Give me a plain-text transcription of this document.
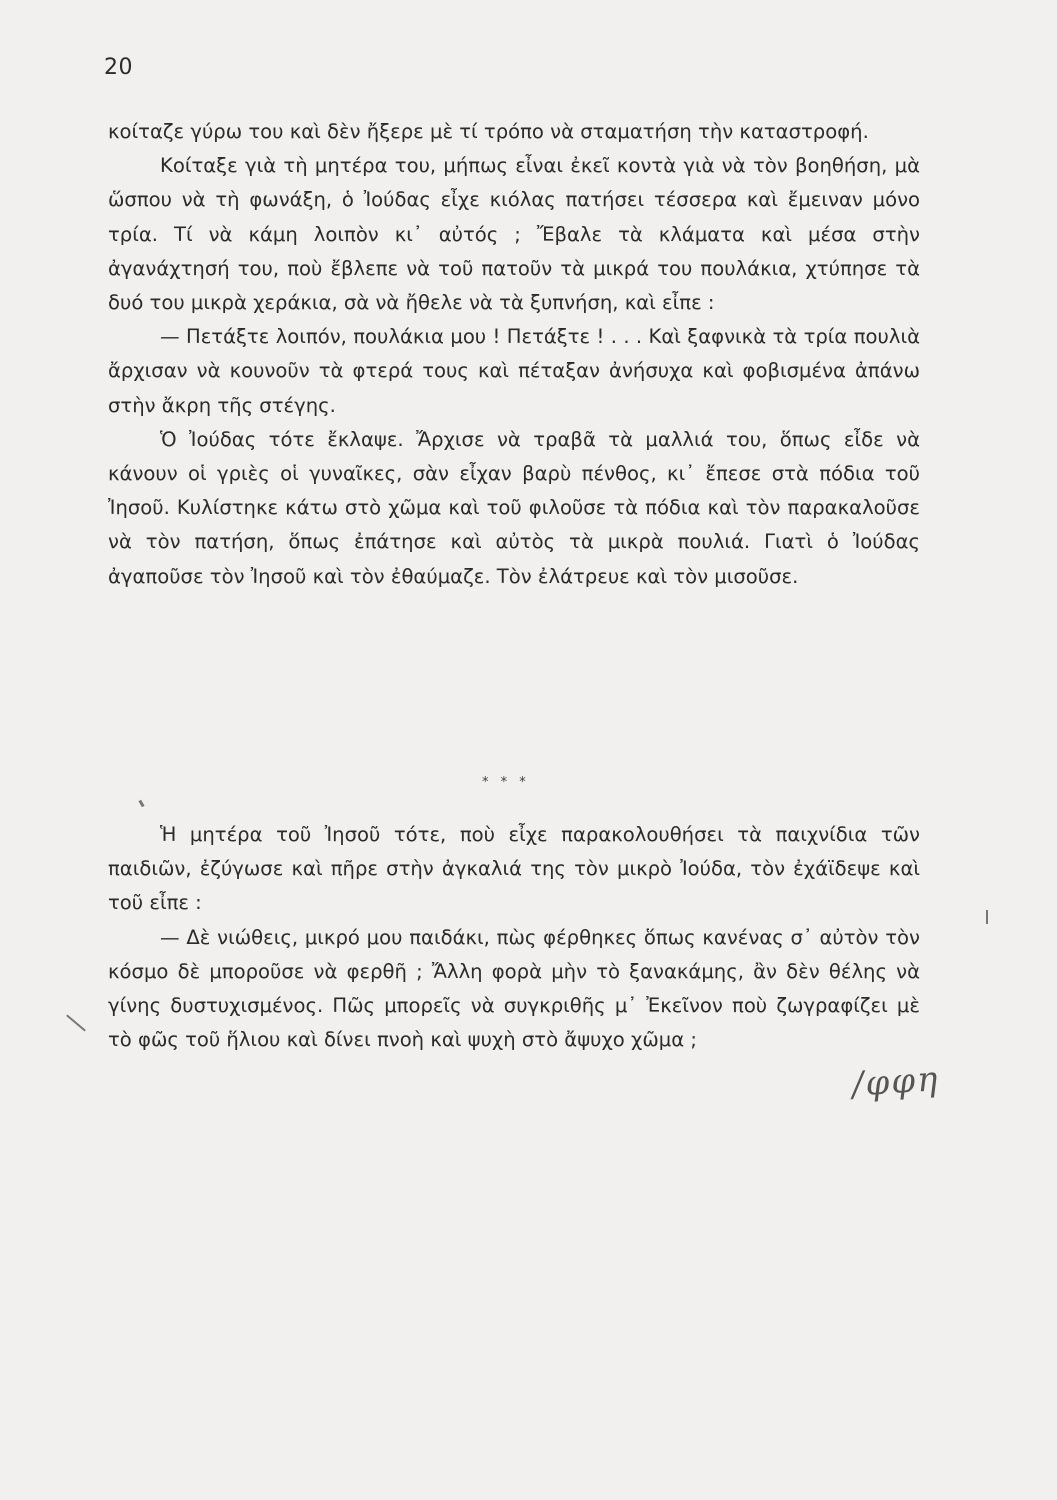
20

κοίταζε γύρω του καὶ δὲν ἤξερε μὲ τί τρόπο νὰ σταματήση τὴν καταστροφή.

Κοίταξε γιὰ τὴ μητέρα του, μήπως εἶναι ἐκεῖ κοντὰ γιὰ νὰ τὸν βοηθήση, μὰ ὥσπου νὰ τὴ φωνάξη, ὁ Ἰούδας εἶχε κιόλας πατήσει τέσσερα καὶ ἔμειναν μόνο τρία. Τί νὰ κάμη λοιπὸν κι᾽ αὐτός ; Ἔβαλε τὰ κλάματα καὶ μέσα στὴν ἀγανάχτησή του, ποὺ ἔβλεπε νὰ τοῦ πατοῦν τὰ μικρά του πουλάκια, χτύπησε τὰ δυό του μικρὰ χεράκια, σὰ νὰ ἤθελε νὰ τὰ ξυπνήση, καὶ εἶπε :

— Πετάξτε λοιπόν, πουλάκια μου ! Πετάξτε ! . . . Καὶ ξαφνικὰ τὰ τρία πουλιὰ ἄρχισαν νὰ κουνοῦν τὰ φτερά τους καὶ πέταξαν ἀνήσυχα καὶ φοβισμένα ἀπάνω στὴν ἄκρη τῆς στέγης.

Ὁ Ἰούδας τότε ἔκλαψε. Ἄρχισε νὰ τραβᾶ τὰ μαλλιά του, ὅπως εἶδε νὰ κάνουν οἱ γριὲς οἱ γυναῖκες, σὰν εἶχαν βαρὺ πένθος, κι᾽ ἔπεσε στὰ πόδια τοῦ Ἰησοῦ. Κυλίστηκε κάτω στὸ χῶμα καὶ τοῦ φιλοῦσε τὰ πόδια καὶ τὸν παρακαλοῦσε νὰ τὸν πατήση, ὅπως ἐπάτησε καὶ αὐτὸς τὰ μικρὰ πουλιά. Γιατὶ ὁ Ἰούδας ἀγαποῦσε τὸν Ἰησοῦ καὶ τὸν ἐθαύμαζε. Τὸν ἐλάτρευε καὶ τὸν μισοῦσε.

* * *

Ἡ μητέρα τοῦ Ἰησοῦ τότε, ποὺ εἶχε παρακολουθήσει τὰ παιχνίδια τῶν παιδιῶν, ἐζύγωσε καὶ πῆρε στὴν ἀγκαλιά της τὸν μικρὸ Ἰούδα, τὸν ἐχάϊδεψε καὶ τοῦ εἶπε :

— Δὲ νιώθεις, μικρό μου παιδάκι, πὼς φέρθηκες ὅπως κανένας σ᾽ αὐτὸν τὸν κόσμο δὲ μποροῦσε νὰ φερθῆ ; Ἄλλη φορὰ μὴν τὸ ξανακάμης, ἂν δὲν θέλης νὰ γίνης δυστυχισμένος. Πῶς μπορεῖς νὰ συγκριθῆς μ᾽ Ἐκεῖνον ποὺ ζωγραφίζει μὲ τὸ φῶς τοῦ ἥλιου καὶ δίνει πνοὴ καὶ ψυχὴ στὸ ἄψυχο χῶμα ;

/φφη
